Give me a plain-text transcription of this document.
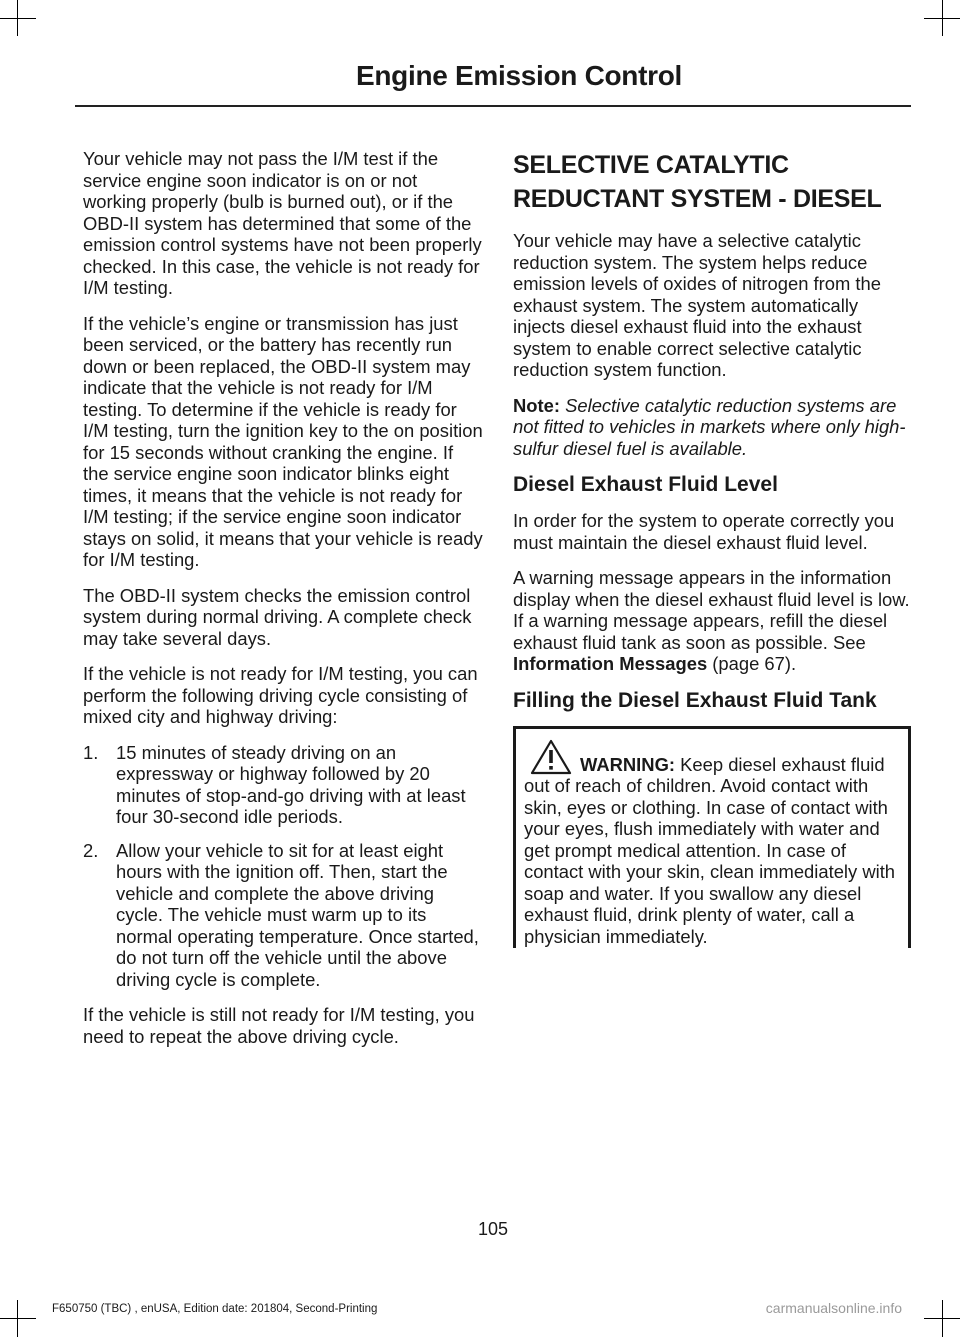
Engine Emission Control

Your vehicle may not pass the I/M test if the service engine soon indicator is on or not working properly (bulb is burned out), or if the OBD-II system has determined that some of the emission control systems have not been properly checked. In this case, the vehicle is not ready for I/M testing.

If the vehicle’s engine or transmission has just been serviced, or the battery has recently run down or been replaced, the OBD-II system may indicate that the vehicle is not ready for I/M testing. To determine if the vehicle is ready for I/M testing, turn the ignition key to the on position for 15 seconds without cranking the engine. If the service engine soon indicator blinks eight times, it means that the vehicle is not ready for I/M testing; if the service engine soon indicator stays on solid, it means that your vehicle is ready for I/M testing.

The OBD-II system checks the emission control system during normal driving. A complete check may take several days.

If the vehicle is not ready for I/M testing, you can perform the following driving cycle consisting of mixed city and highway driving:

1. 15 minutes of steady driving on an expressway or highway followed by 20 minutes of stop-and-go driving with at least four 30-second idle periods.
2. Allow your vehicle to sit for at least eight hours with the ignition off. Then, start the vehicle and complete the above driving cycle. The vehicle must warm up to its normal operating temperature. Once started, do not turn off the vehicle until the above driving cycle is complete.

If the vehicle is still not ready for I/M testing, you need to repeat the above driving cycle.

SELECTIVE CATALYTIC
REDUCTANT SYSTEM - DIESEL

Your vehicle may have a selective catalytic reduction system. The system helps reduce emission levels of oxides of nitrogen from the exhaust system. The system automatically injects diesel exhaust fluid into the exhaust system to enable correct selective catalytic reduction system function.

Note: Selective catalytic reduction systems are not fitted to vehicles in markets where only high-sulfur diesel fuel is available.

Diesel Exhaust Fluid Level

In order for the system to operate correctly you must maintain the diesel exhaust fluid level.

A warning message appears in the information display when the diesel exhaust fluid level is low. If a warning message appears, refill the diesel exhaust fluid tank as soon as possible. See Information Messages (page 67).

Filling the Diesel Exhaust Fluid Tank

WARNING: Keep diesel exhaust fluid out of reach of children. Avoid contact with skin, eyes or clothing. In case of contact with your eyes, flush immediately with water and get prompt medical attention. In case of contact with your skin, clean immediately with soap and water. If you swallow any diesel exhaust fluid, drink plenty of water, call a physician immediately.

105
F650750 (TBC) , enUSA, Edition date: 201804, Second-Printing	carmanualsonline.info
